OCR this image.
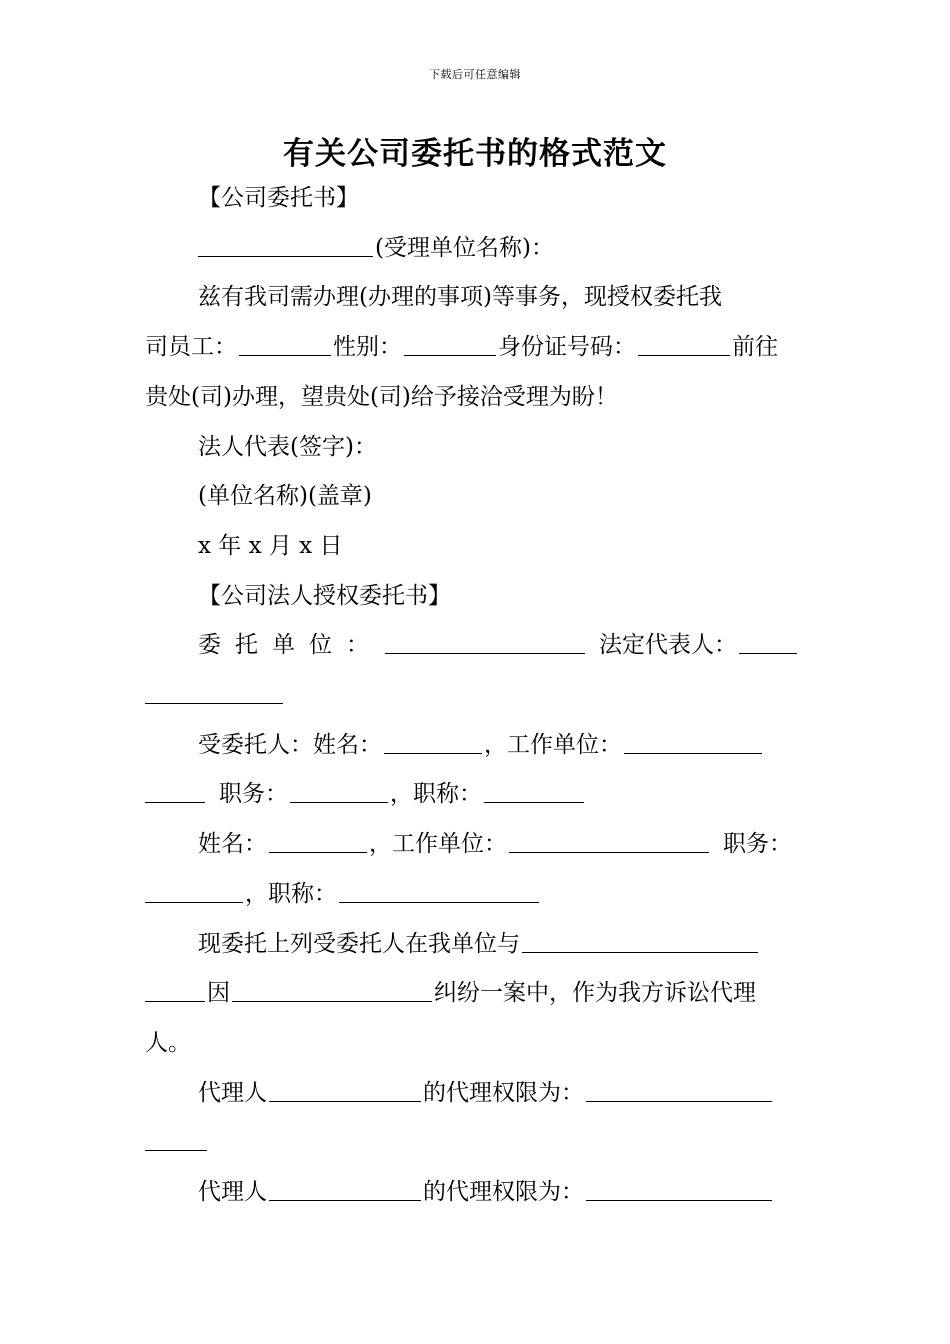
下载后可任意编辑
有关公司委托书的格式范文
【公司委托书】
(受理单位名称)：
兹有我司需办理(办理的事项)等事务，现授权委托我
司员工：	性别：	身份证号码：	前往
贵处(司)办理，望贵处(司)给予接洽受理为盼！
法人代表(签字)：
(单位名称)(盖章)
x 年 x 月 x 日
【公司法人授权委托书】
委托单位：	法定代表人：
受委托人：姓名：	，工作单位：
职务：	，职称：
姓名：	，工作单位：	职务：
，职称：
现委托上列受委托人在我单位与
因	纠纷一案中，作为我方诉讼代理
人。
代理人	的代理权限为：
代理人	的代理权限为：
